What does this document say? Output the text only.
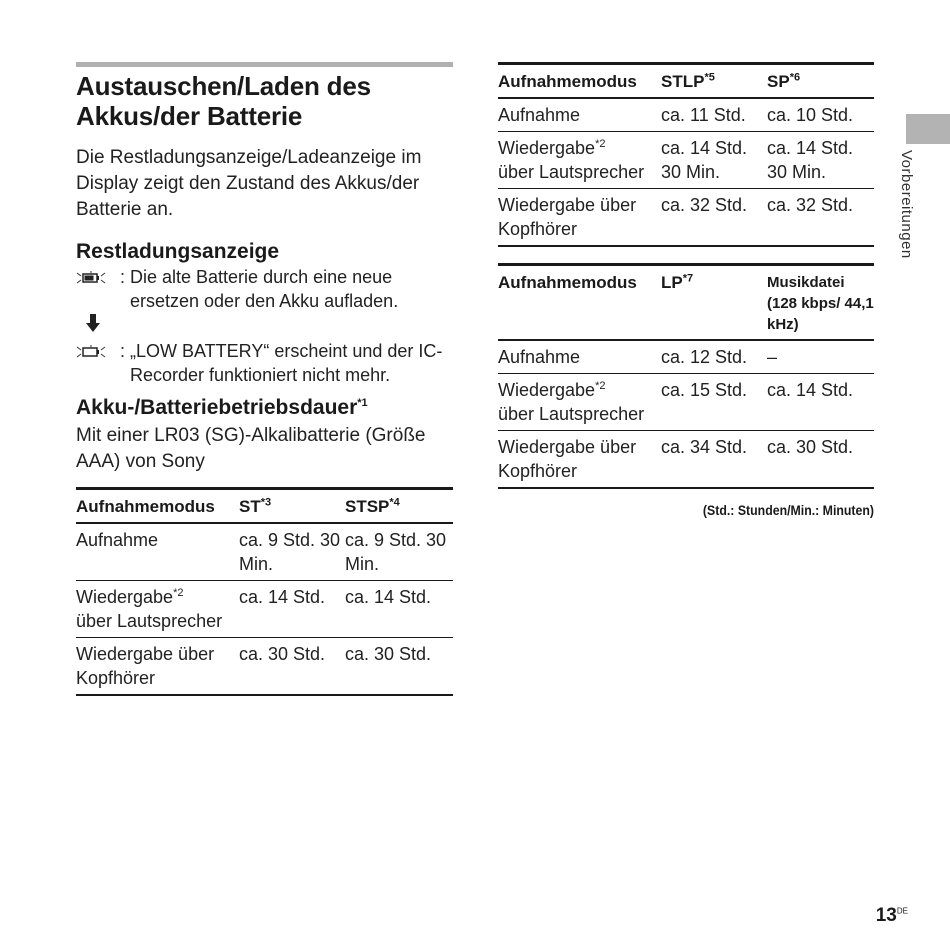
Austauschen/Laden des Akkus/der Batterie

Die Restladungsanzeige/Ladeanzeige im Display zeigt den Zustand des Akkus/der Batterie an.

Restladungsanzeige
: Die alte Batterie durch eine neue ersetzen oder den Akku aufladen.
: „LOW BATTERY“ erscheint und der IC-Recorder funktioniert nicht mehr.
Akku-/Batteriebetriebsdauer$^{*1}$

Mit einer LR03 (SG)-Alkalibatterie (Größe AAA) von Sony

Aufnahmemodus	ST$^{*3}$	STSP$^{*4}$
Aufnahme	ca. 9 Std. 30 Min.	ca. 9 Std. 30 Min.
Wiedergabe$^{*2}$
über Lautsprecher	ca. 14 Std.	ca. 14 Std.
Wiedergabe über Kopfhörer	ca. 30 Std.	ca. 30 Std.
Aufnahmemodus	STLP$^{*5}$	SP$^{*6}$
Aufnahme	ca. 11 Std.	ca. 10 Std.
Wiedergabe$^{*2}$
über Lautsprecher	ca. 14 Std. 30 Min.	ca. 14 Std. 30 Min.
Wiedergabe über Kopfhörer	ca. 32 Std.	ca. 32 Std.
Aufnahmemodus	LP$^{*7}$	Musikdatei (128 kbps/ 44,1 kHz)
Aufnahme	ca. 12 Std.	–
Wiedergabe$^{*2}$
über Lautsprecher	ca. 15 Std.	ca. 14 Std.
Wiedergabe über Kopfhörer	ca. 34 Std.	ca. 30 Std.

(Std.: Stunden/Min.: Minuten)

Vorbereitungen
13DE
